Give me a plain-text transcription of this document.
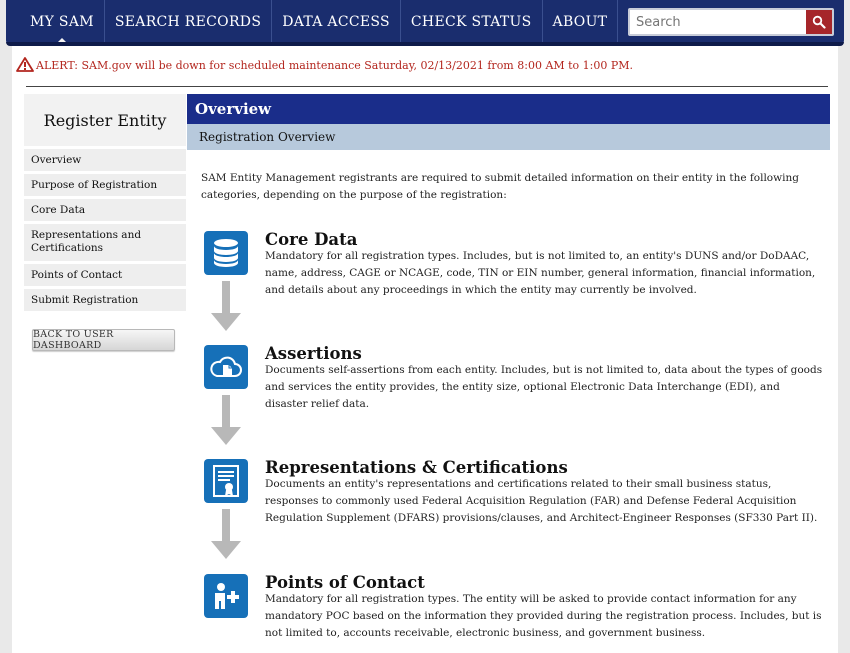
MY SAM	SEARCH RECORDS	DATA ACCESS	CHECK STATUS	ABOUT
Search
ALERT: SAM.gov will be down for scheduled maintenance Saturday, 02/13/2021 from 8:00 AM to 1:00 PM.
Register Entity
Overview
Purpose of Registration
Core Data
Representations and Certifications
Points of Contact
Submit Registration
BACK TO USER DASHBOARD
Overview
Registration Overview

SAM Entity Management registrants are required to submit detailed information on their entity in the following categories, depending on the purpose of the registration:

Core Data
Mandatory for all registration types. Includes, but is not limited to, an entity's DUNS and/or DoDAAC, name, address, CAGE or NCAGE, code, TIN or EIN number, general information, financial information, and details about any proceedings in which the entity may currently be involved.
Assertions
Documents self-assertions from each entity. Includes, but is not limited to, data about the types of goods and services the entity provides, the entity size, optional Electronic Data Interchange (EDI), and disaster relief data.
Representations & Certifications
Documents an entity's representations and certifications related to their small business status, responses to commonly used Federal Acquisition Regulation (FAR) and Defense Federal Acquisition Regulation Supplement (DFARS) provisions/clauses, and Architect-Engineer Responses (SF330 Part II).
Points of Contact
Mandatory for all registration types. The entity will be asked to provide contact information for any mandatory POC based on the information they provided during the registration process. Includes, but is not limited to, accounts receivable, electronic business, and government business.
